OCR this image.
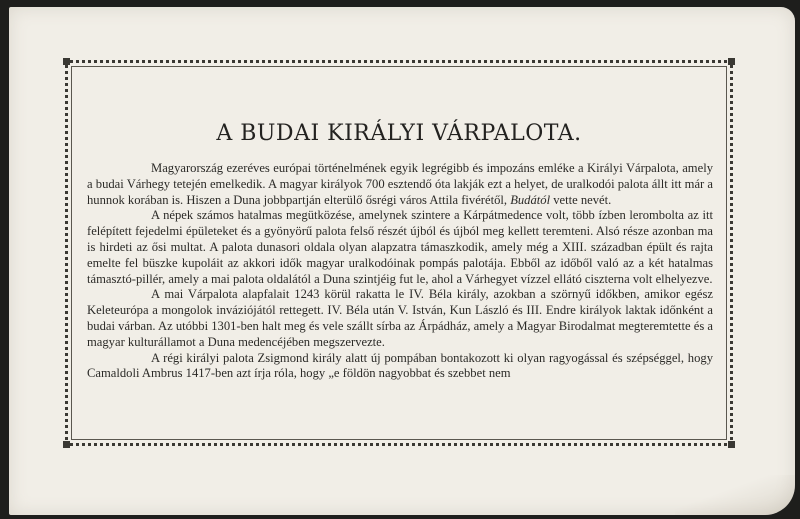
A BUDAI KIRÁLYI VÁRPALOTA.

Magyarország ezeréves európai történelmének egyik legrégibb és impozáns emléke a Királyi Várpalota, amely a budai Várhegy tetején emelkedik. A magyar királyok 700 esztendő óta lakják ezt a helyet, de uralkodói palota állt itt már a hunnok korában is. Hiszen a Duna jobbpartján elterülő ősrégi város Attila fivérétől, Budától vette nevét.

A népek számos hatalmas megütközése, amelynek szintere a Kárpátmedence volt, több ízben lerombolta az itt felépített fejedelmi épületeket és a gyönyörű palota felső részét újból és újból meg kellett teremteni. Alsó része azonban ma is hirdeti az ősi multat. A palota dunasori oldala olyan alapzatra támaszkodik, amely még a XIII. században épült és rajta emelte fel büszke kupoláit az akkori idők magyar uralkodóinak pompás palotája. Ebből az időből való az a két hatalmas támasztó-pillér, amely a mai palota oldalától a Duna szintjéig fut le, ahol a Várhegyet vízzel ellátó ciszterna volt elhelyezve.

A mai Várpalota alapfalait 1243 körül rakatta le IV. Béla király, azokban a szörnyű időkben, amikor egész Keleteurópa a mongolok inváziójától rettegett. IV. Béla után V. István, Kun László és III. Endre királyok laktak időnként a budai várban. Az utóbbi 1301-ben halt meg és vele szállt sírba az Árpádház, amely a Magyar Birodalmat megteremtette és a magyar kulturállamot a Duna medencéjében megszervezte.

A régi királyi palota Zsigmond király alatt új pompában bontakozott ki olyan ragyogással és szépséggel, hogy Camaldoli Ambrus 1417-ben azt írja róla, hogy „e földön nagyobbat és szebbet nem
